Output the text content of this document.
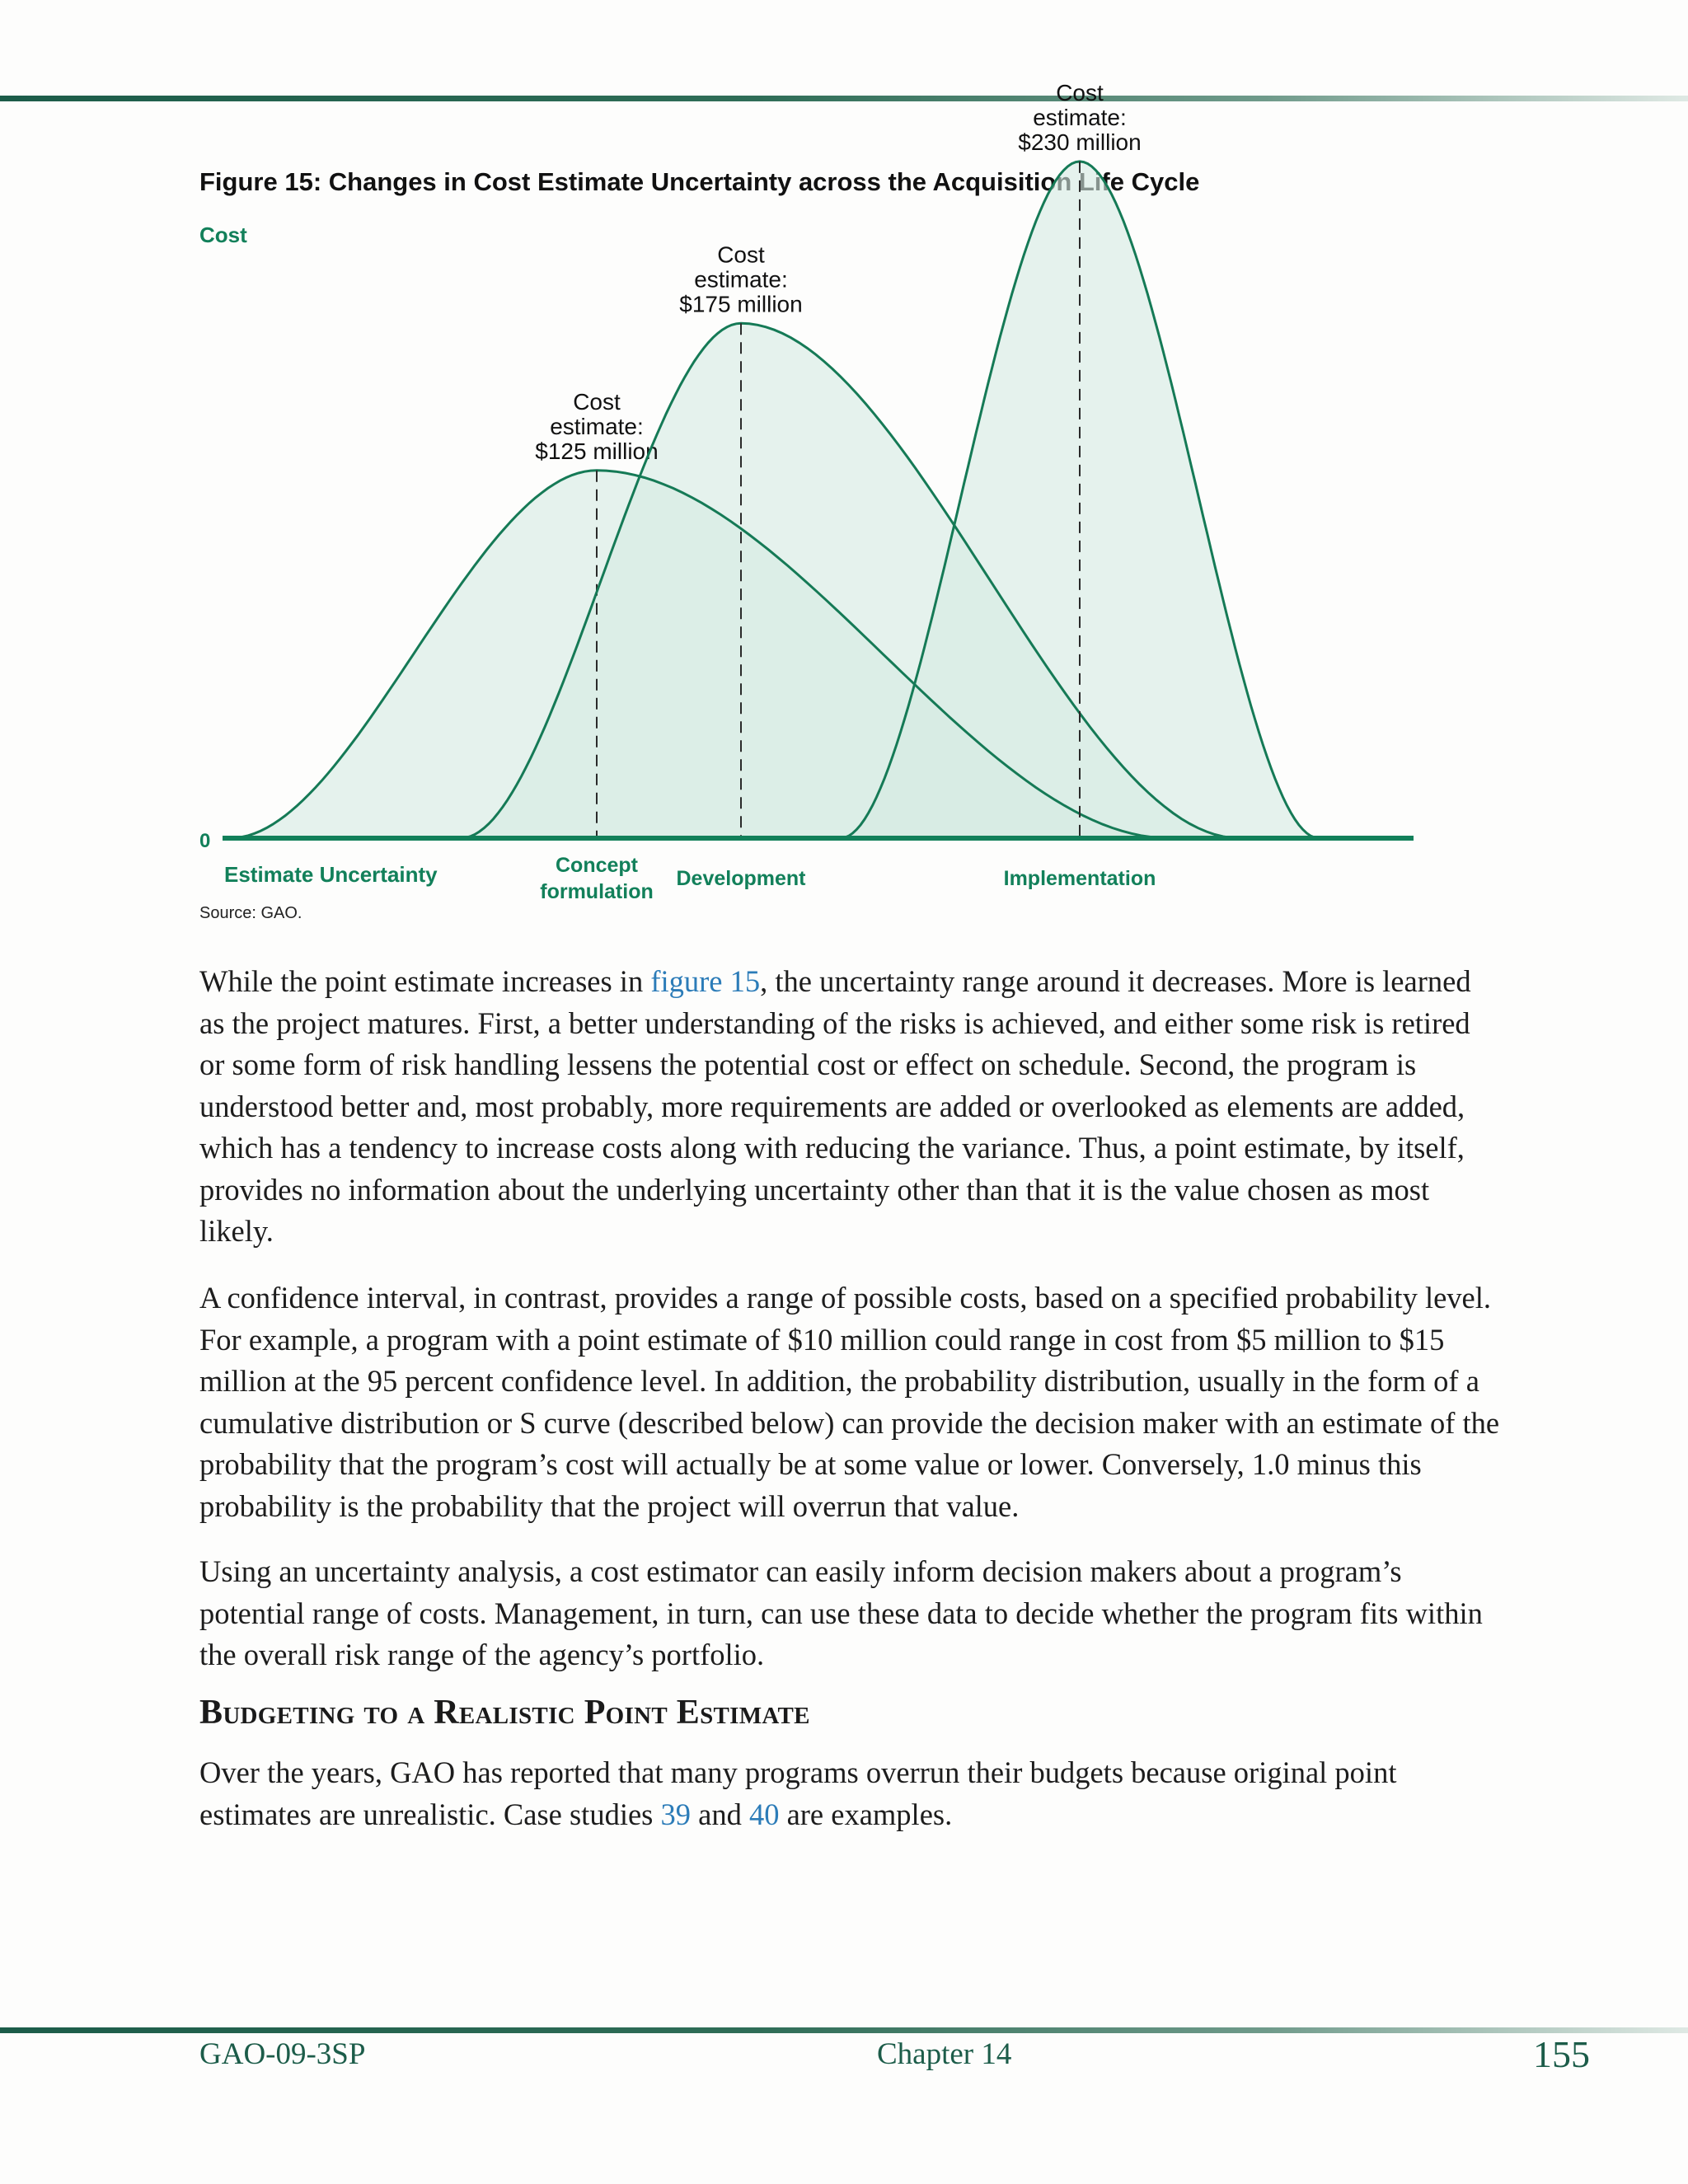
Figure 15: Changes in Cost Estimate Uncertainty across the Acquisition Life Cycle
Cost
estimate:
$125 million
Cost
estimate:
$175 million
Cost
estimate:
$230 million
Cost
0
Estimate Uncertainty	Concept
formulation
Development	Implementation
Source: GAO.

While the point estimate increases in figure 15, the uncertainty range around it decreases. More is learned as the project matures. First, a better understanding of the risks is achieved, and either some risk is retired or some form of risk handling lessens the potential cost or effect on schedule. Second, the program is understood better and, most probably, more requirements are added or overlooked as elements are added, which has a tendency to increase costs along with reducing the variance. Thus, a point estimate, by itself, provides no information about the underlying uncertainty other than that it is the value chosen as most likely.

A confidence interval, in contrast, provides a range of possible costs, based on a specified probability level. For example, a program with a point estimate of $10 million could range in cost from $5 million to $15 million at the 95 percent confidence level. In addition, the probability distribution, usually in the form of a cumulative distribution or S curve (described below) can provide the decision maker with an estimate of the probability that the program’s cost will actually be at some value or lower. Conversely, 1.0 minus this probability is the probability that the project will overrun that value.

Using an uncertainty analysis, a cost estimator can easily inform decision makers about a program’s potential range of costs. Management, in turn, can use these data to decide whether the program fits within the overall risk range of the agency’s portfolio.

Budgeting to a Realistic Point Estimate

Over the years, GAO has reported that many programs overrun their budgets because original point estimates are unrealistic. Case studies 39 and 40 are examples.

GAO-09-3SP	Chapter 14	155
